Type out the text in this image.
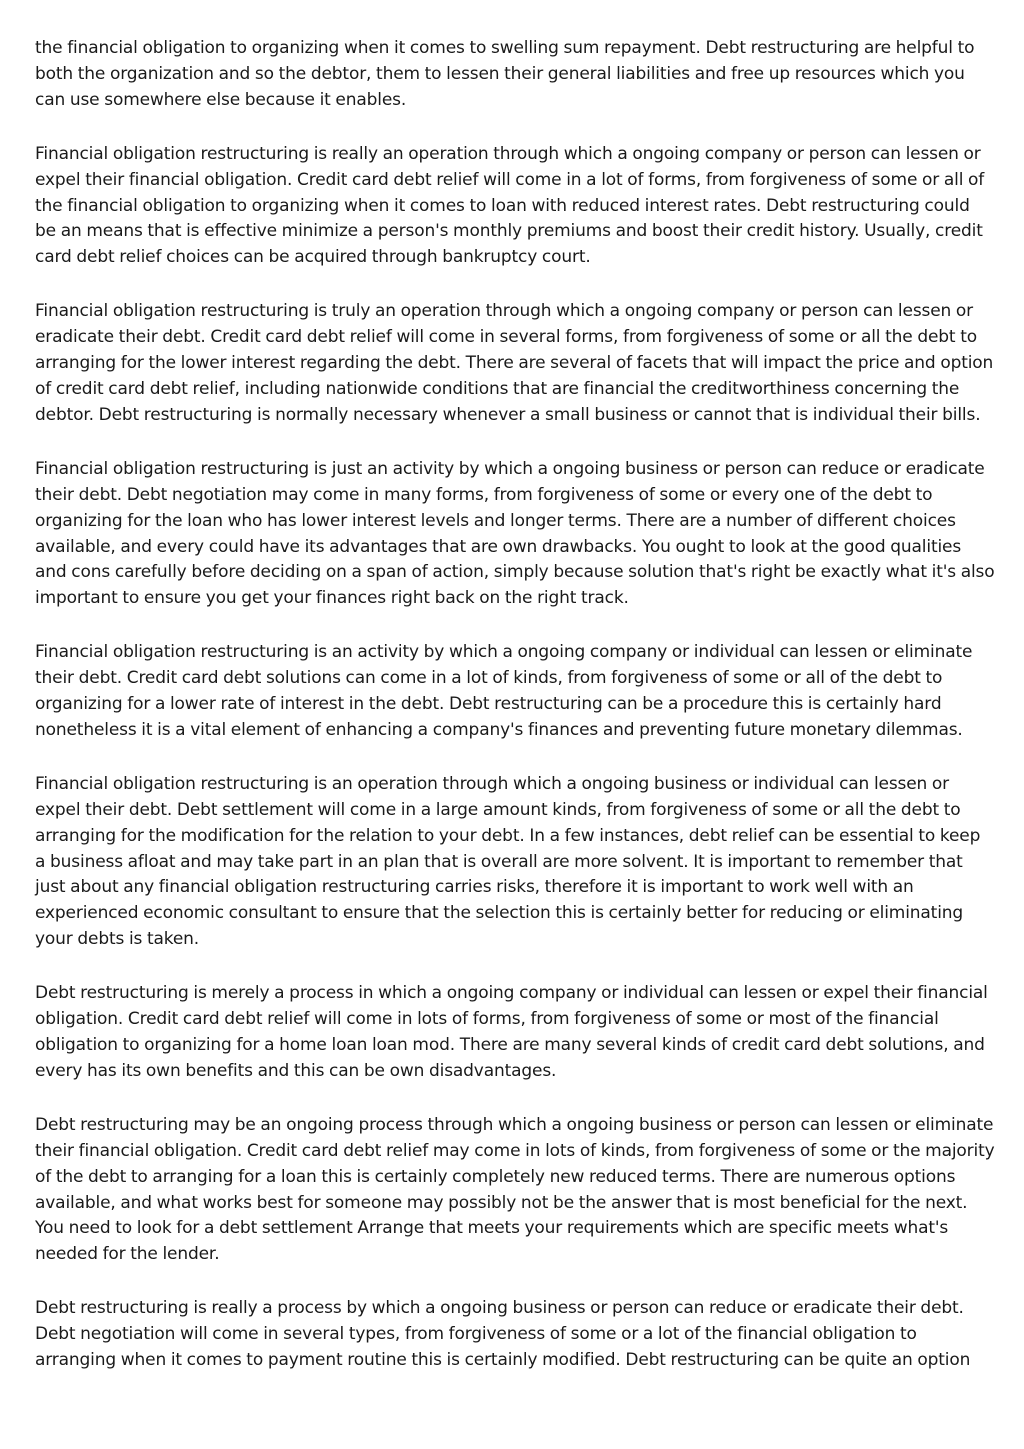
the financial obligation to organizing when it comes to swelling sum repayment. Debt restructuring are helpful to both the organization and so the debtor, them to lessen their general liabilities and free up resources which you can use somewhere else because it enables.

Financial obligation restructuring is really an operation through which a ongoing company or person can lessen or expel their financial obligation. Credit card debt relief will come in a lot of forms, from forgiveness of some or all of the financial obligation to organizing when it comes to loan with reduced interest rates. Debt restructuring could be an means that is effective minimize a person's monthly premiums and boost their credit history. Usually, credit card debt relief choices can be acquired through bankruptcy court.

Financial obligation restructuring is truly an operation through which a ongoing company or person can lessen or eradicate their debt. Credit card debt relief will come in several forms, from forgiveness of some or all the debt to arranging for the lower interest regarding the debt. There are several of facets that will impact the price and option of credit card debt relief, including nationwide conditions that are financial the creditworthiness concerning the debtor. Debt restructuring is normally necessary whenever a small business or cannot that is individual their bills.

Financial obligation restructuring is just an activity by which a ongoing business or person can reduce or eradicate their debt. Debt negotiation may come in many forms, from forgiveness of some or every one of the debt to organizing for the loan who has lower interest levels and longer terms. There are a number of different choices available, and every could have its advantages that are own drawbacks. You ought to look at the good qualities and cons carefully before deciding on a span of action, simply because solution that's right be exactly what it's also important to ensure you get your finances right back on the right track.

Financial obligation restructuring is an activity by which a ongoing company or individual can lessen or eliminate their debt. Credit card debt solutions can come in a lot of kinds, from forgiveness of some or all of the debt to organizing for a lower rate of interest in the debt. Debt restructuring can be a procedure this is certainly hard nonetheless it is a vital element of enhancing a company's finances and preventing future monetary dilemmas.

Financial obligation restructuring is an operation through which a ongoing business or individual can lessen or expel their debt. Debt settlement will come in a large amount kinds, from forgiveness of some or all the debt to arranging for the modification for the relation to your debt. In a few instances, debt relief can be essential to keep a business afloat and may take part in an plan that is overall are more solvent. It is important to remember that just about any financial obligation restructuring carries risks, therefore it is important to work well with an experienced economic consultant to ensure that the selection this is certainly better for reducing or eliminating your debts is taken.

Debt restructuring is merely a process in which a ongoing company or individual can lessen or expel their financial obligation. Credit card debt relief will come in lots of forms, from forgiveness of some or most of the financial obligation to organizing for a home loan loan mod. There are many several kinds of credit card debt solutions, and every has its own benefits and this can be own disadvantages.

Debt restructuring may be an ongoing process through which a ongoing business or person can lessen or eliminate their financial obligation. Credit card debt relief may come in lots of kinds, from forgiveness of some or the majority of the debt to arranging for a loan this is certainly completely new reduced terms. There are numerous options available, and what works best for someone may possibly not be the answer that is most beneficial for the next. You need to look for a debt settlement Arrange that meets your requirements which are specific meets what's needed for the lender.

Debt restructuring is really a process by which a ongoing business or person can reduce or eradicate their debt. Debt negotiation will come in several types, from forgiveness of some or a lot of the financial obligation to arranging when it comes to payment routine this is certainly modified. Debt restructuring can be quite an option
